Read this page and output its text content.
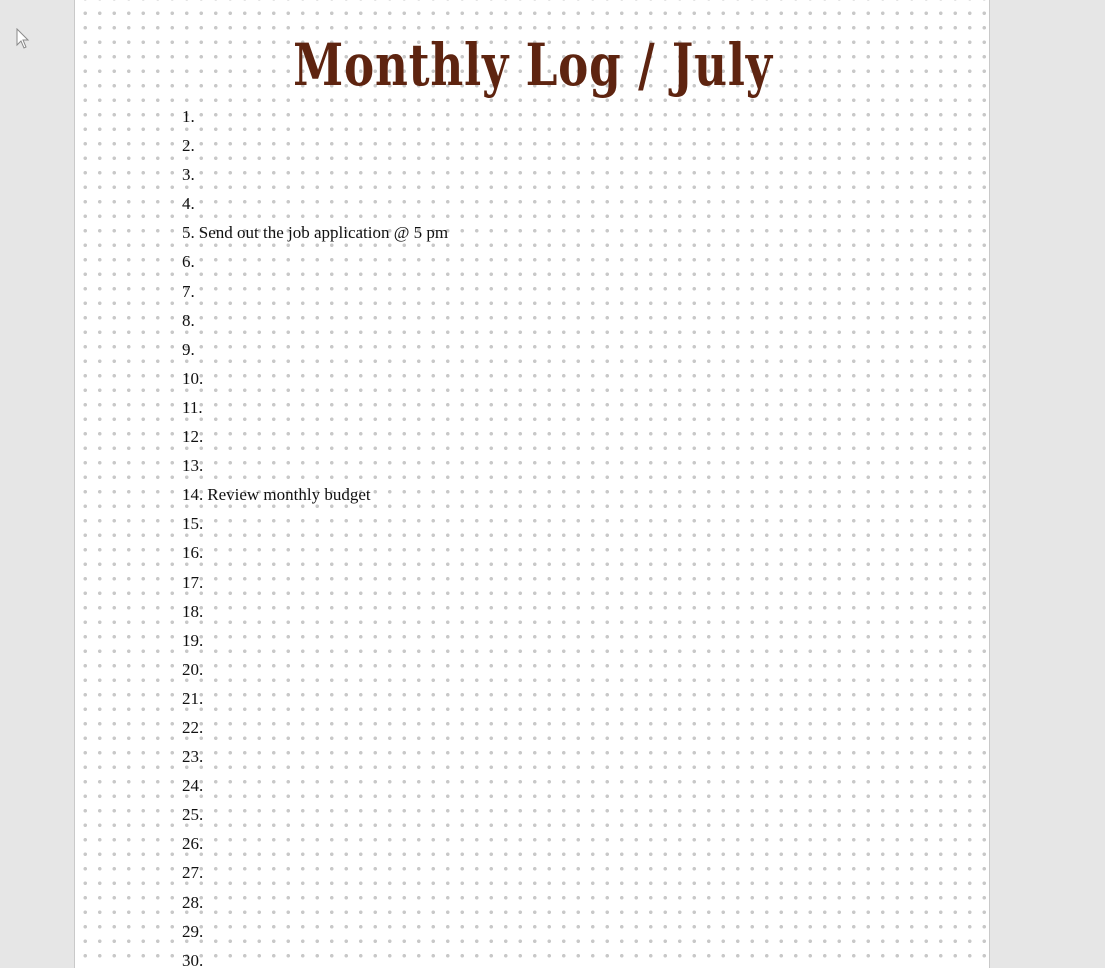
Monthly Log / July
1.
2.
3.
4.
5. Send out the job application @ 5 pm
6.
7.
8.
9.
10.
11.
12.
13.
14. Review monthly budget
15.
16.
17.
18.
19.
20.
21.
22.
23.
24.
25.
26.
27.
28.
29.
30.
